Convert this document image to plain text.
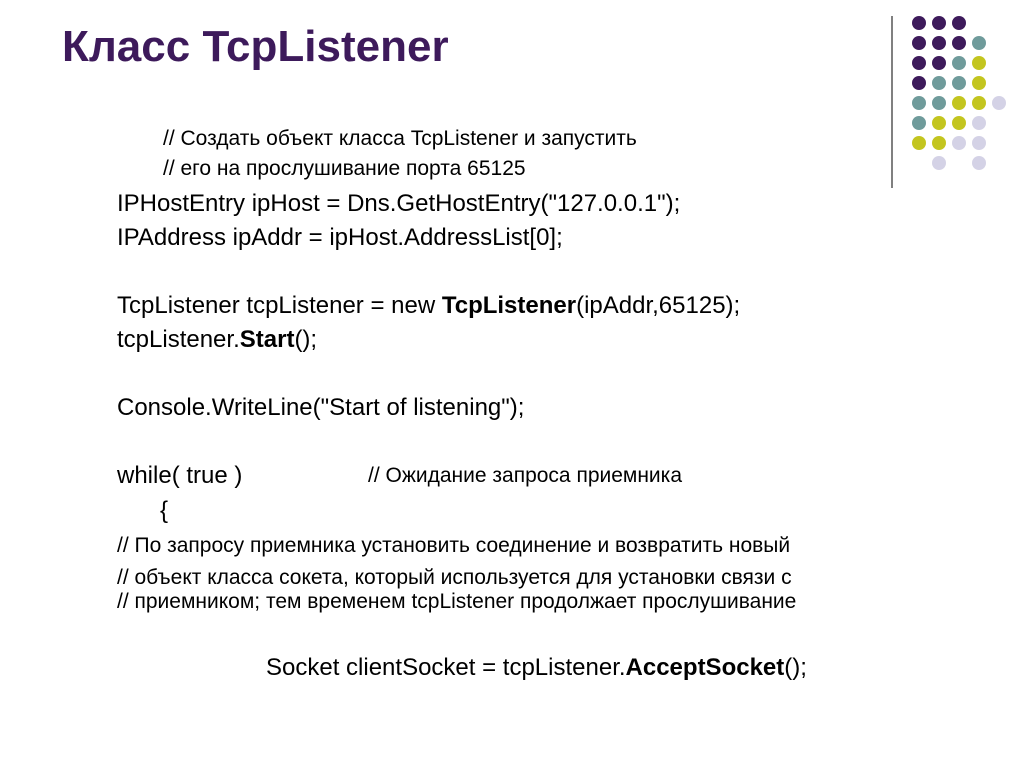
Класс TcpListener
// Создать объект класса TcpListener и запустить
// его на прослушивание порта 65125
IPHostEntry ipHost = Dns.GetHostEntry("127.0.0.1");
IPAddress ipAddr = ipHost.AddressList[0];
TcpListener tcpListener = new TcpListener(ipAddr,65125);
tcpListener.Start();
Console.WriteLine("Start of listening");
while( true )	// Ожидание запроса приемника
{
// По запросу приемника установить соединение и возвратить новый
// объект класса сокета, который используется для установки связи с
// приемником; тем временем tcpListener продолжает прослушивание
Socket clientSocket = tcpListener.AcceptSocket();
